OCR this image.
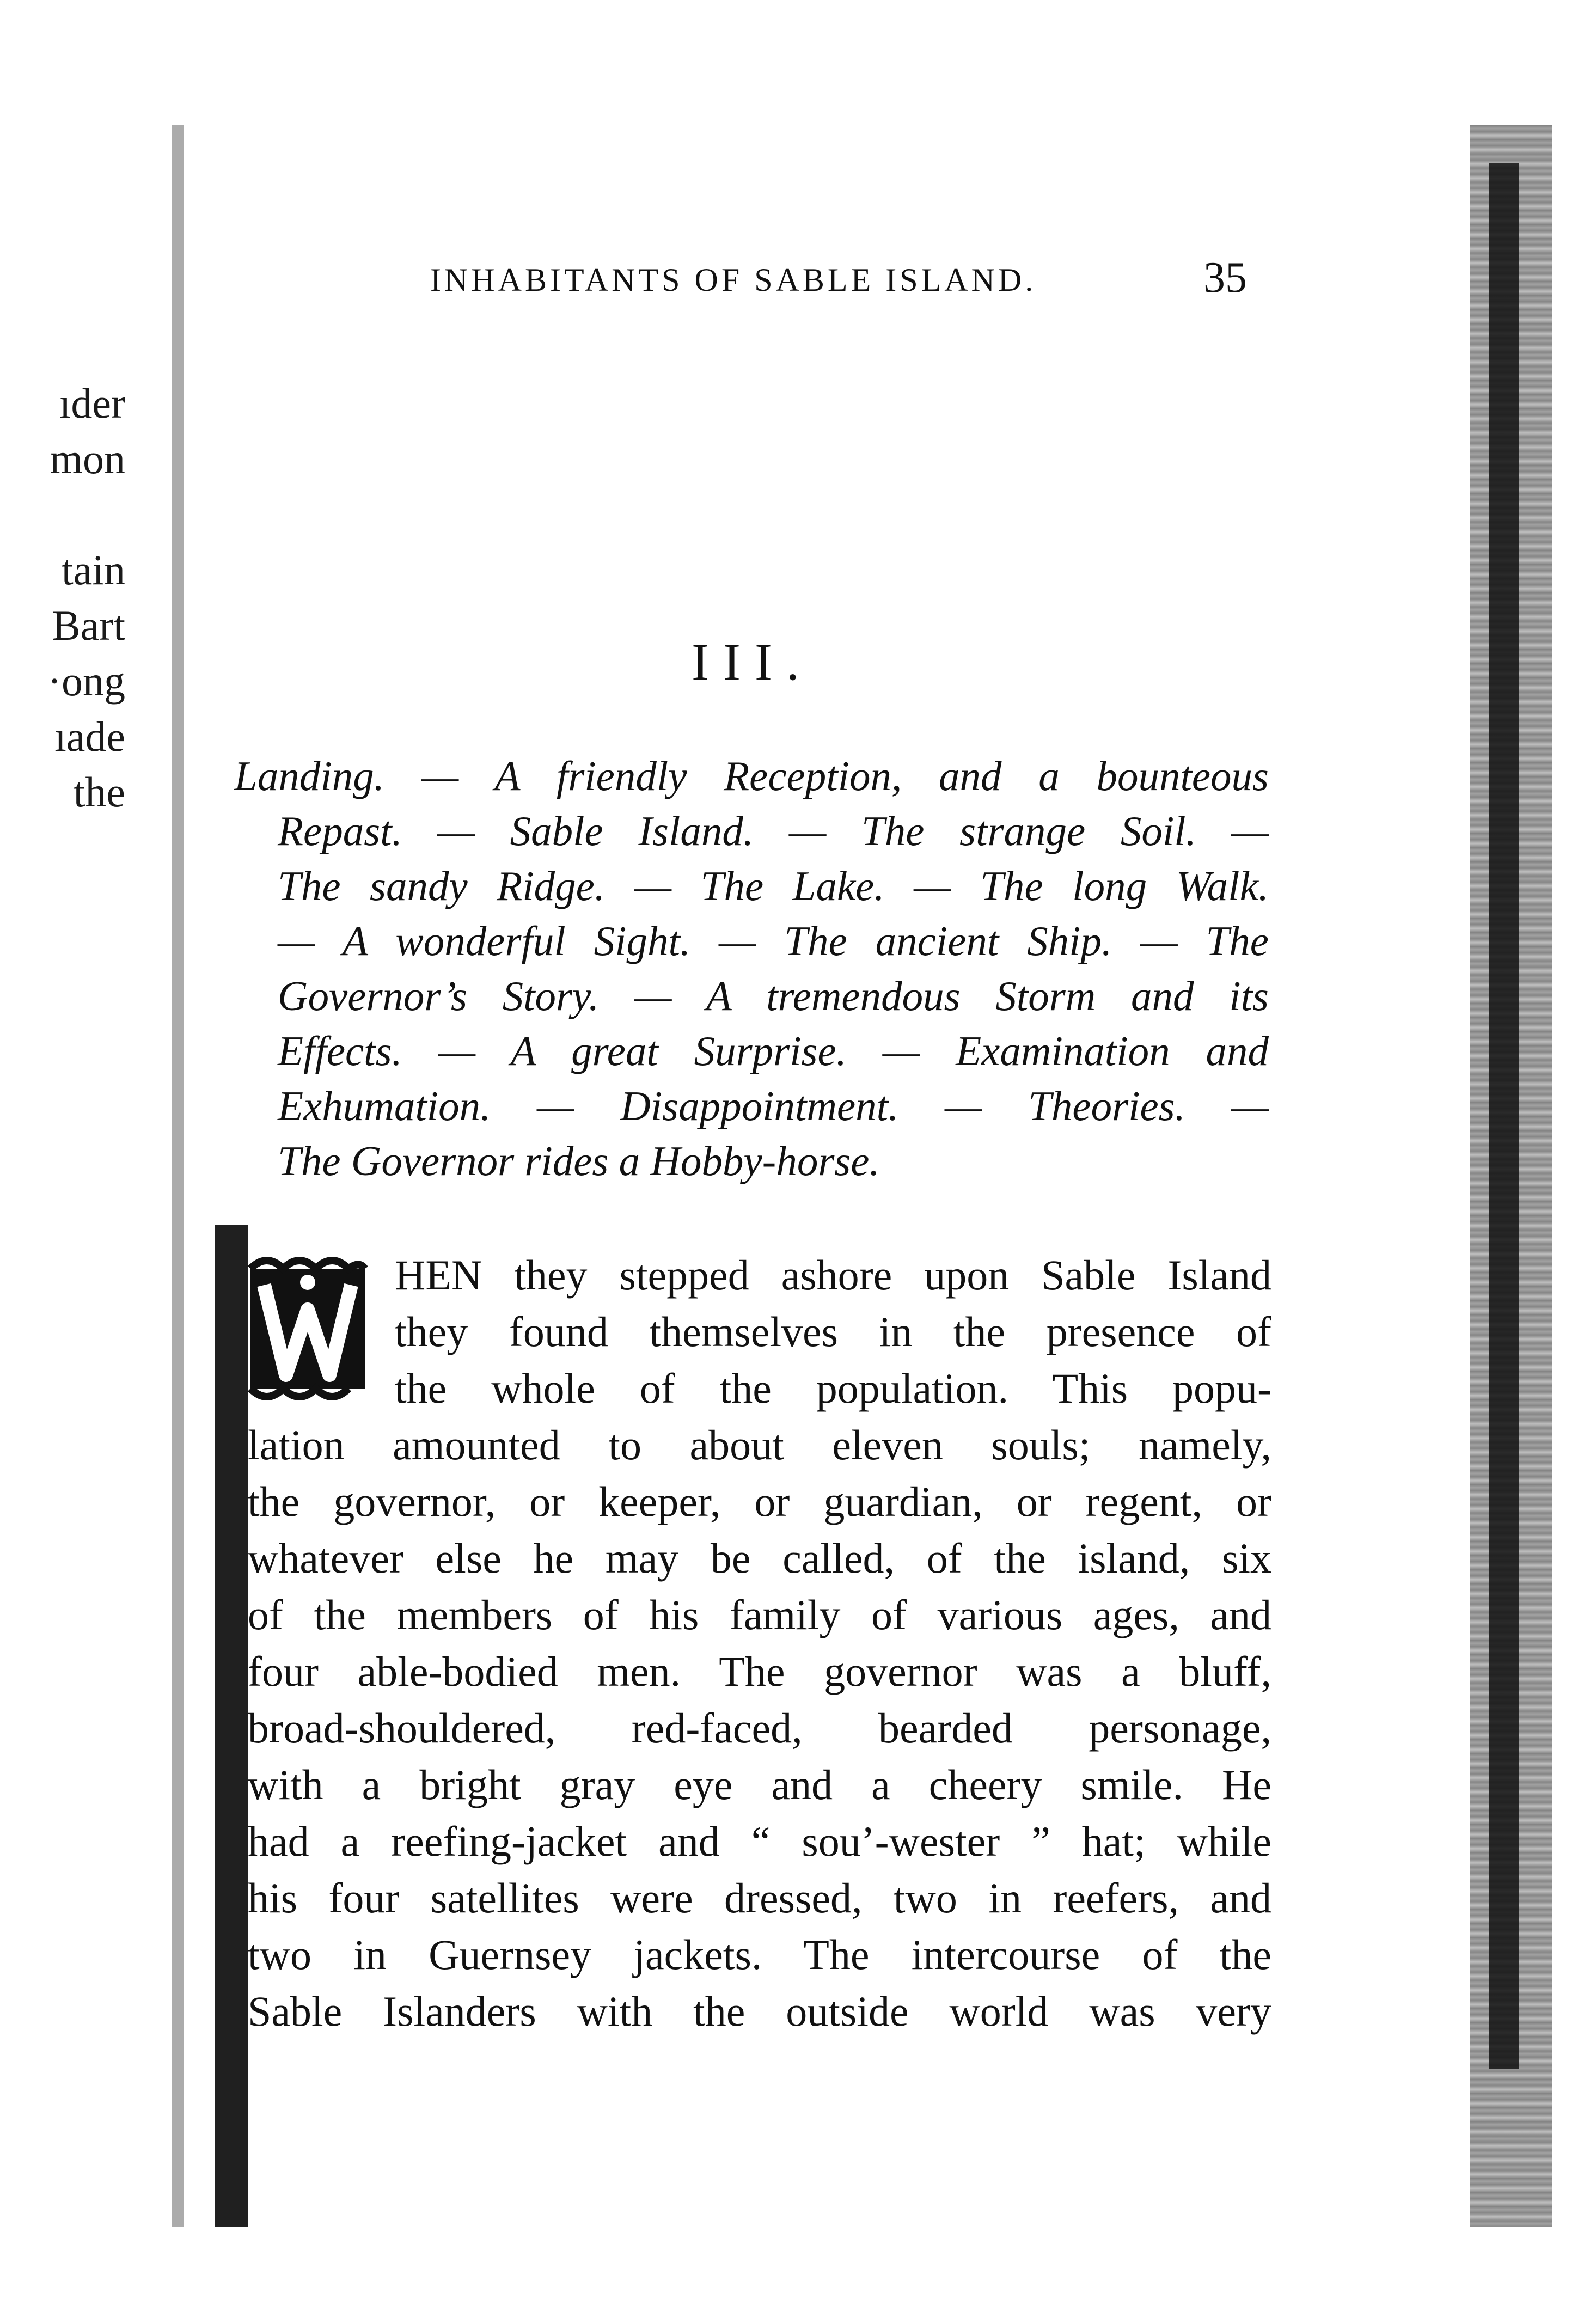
ıder
mon

tain
Bart
·ong
ıade
the
INHABITANTS OF SABLE ISLAND.	35
III.
Landing. — A friendly Reception, and a bounteous
Repast. — Sable Island. — The strange Soil. —
The sandy Ridge. — The Lake. — The long Walk.
— A wonderful Sight. — The ancient Ship. — The
Governor’s Story. — A tremendous Storm and its
Effects. — A great Surprise. — Examination and
Exhumation. — Disappointment. — Theories. —
The Governor rides a Hobby-horse.
W
HEN they stepped ashore upon Sable Island
they found themselves in the presence of
the whole of the population. This popu-
lation amounted to about eleven souls; namely,
the governor, or keeper, or guardian, or regent, or
whatever else he may be called, of the island, six
of the members of his family of various ages, and
four able-bodied men. The governor was a bluff,
broad-shouldered, red-faced, bearded personage,
with a bright gray eye and a cheery smile. He
had a reefing-jacket and “ sou’-wester ” hat; while
his four satellites were dressed, two in reefers, and
two in Guernsey jackets. The intercourse of the
Sable Islanders with the outside world was very
